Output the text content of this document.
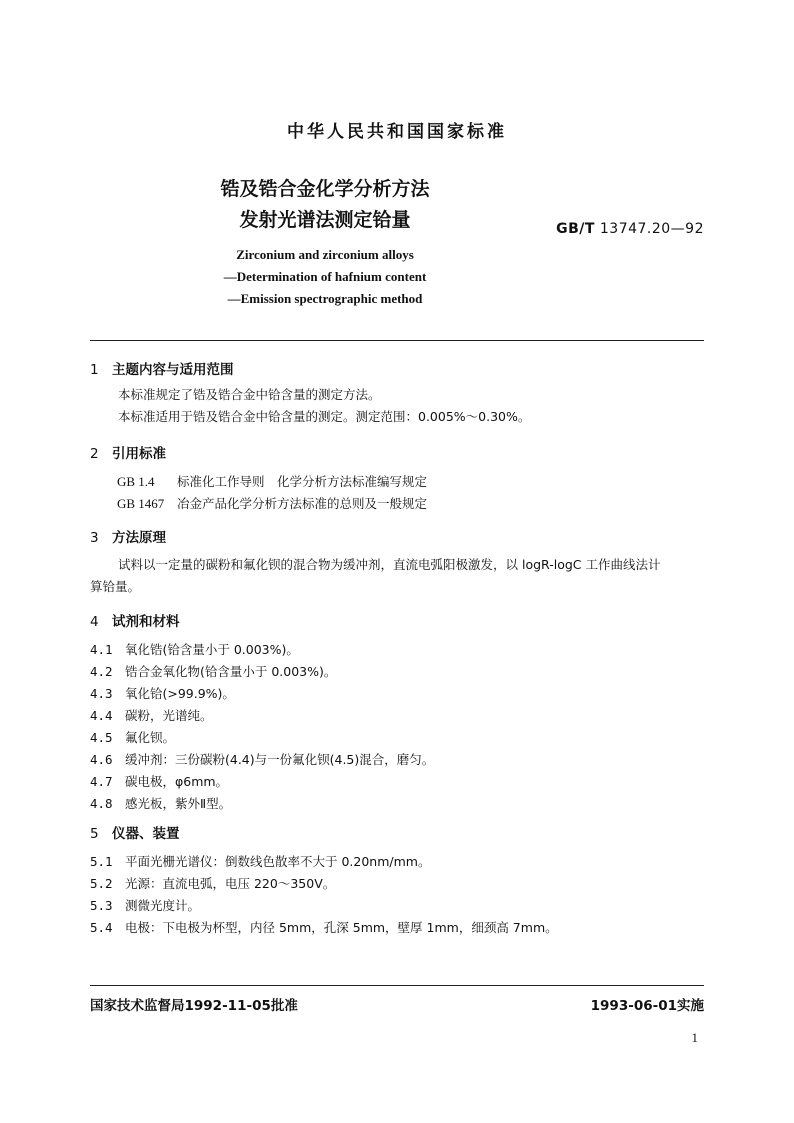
中华人民共和国国家标准
锆及锆合金化学分析方法
发射光谱法测定铪量	GB/T 13747.20—92
Zirconium and zirconium alloys
—Determination of hafnium content
—Emission spectrographic method
1 主题内容与适用范围
本标准规定了锆及锆合金中铪含量的测定方法。
本标准适用于锆及锆合金中铪含量的测定。测定范围：0.005%～0.30%。
2 引用标准
GB 1.4 标准化工作导则　化学分析方法标准编写规定
GB 1467 冶金产品化学分析方法标准的总则及一般规定
3 方法原理
试料以一定量的碳粉和氟化钡的混合物为缓冲剂，直流电弧阳极激发，以 logR-logC 工作曲线法计
算铪量。
4 试剂和材料
4.1 氧化锆(铪含量小于 0.003%)。
4.2 锆合金氧化物(铪含量小于 0.003%)。
4.3 氧化铪(>99.9%)。
4.4 碳粉，光谱纯。
4.5 氟化钡。
4.6 缓冲剂：三份碳粉(4.4)与一份氟化钡(4.5)混合，磨匀。
4.7 碳电极，φ6mm。
4.8 感光板，紫外Ⅱ型。
5 仪器、装置
5.1 平面光栅光谱仪：倒数线色散率不大于 0.20nm/mm。
5.2 光源：直流电弧，电压 220～350V。
5.3 测微光度计。
5.4 电极：下电极为杯型，内径 5mm，孔深 5mm，壁厚 1mm，细颈高 7mm。
国家技术监督局1992-11-05批准	1993-06-01实施
1
